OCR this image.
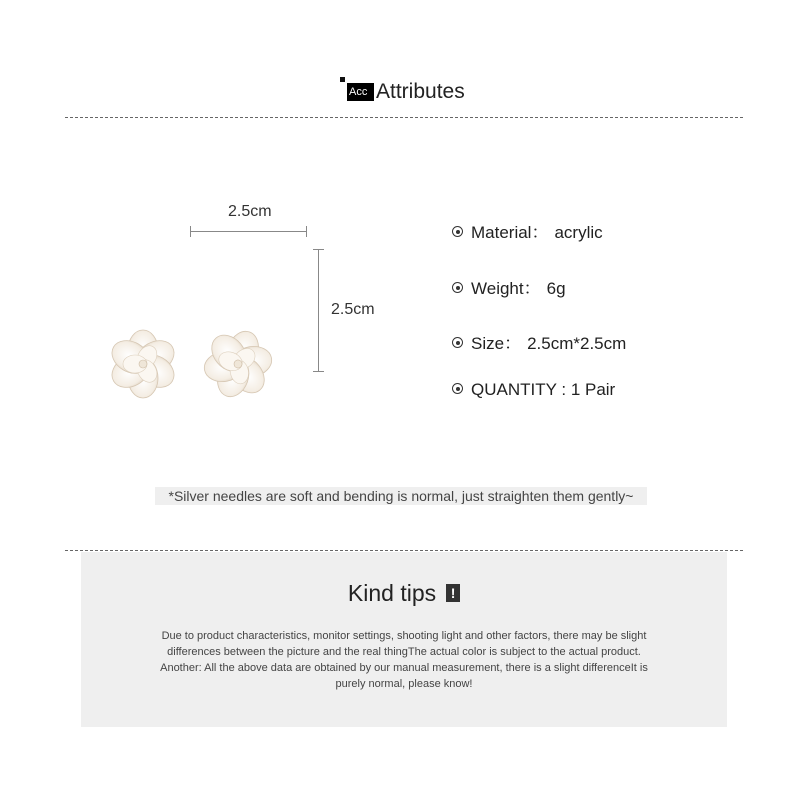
Acc Attributes
2.5cm
2.5cm
Material： acrylic
Weight： 6g
Size： 2.5cm*2.5cm
QUANTITY : 1 Pair
*Silver needles are soft and bending is normal, just straighten them gently~
Kind tips !
Due to product characteristics, monitor settings, shooting light and other factors, there may be slight
differences between the picture and the real thingThe actual color is subject to the actual product.
Another: All the above data are obtained by our manual measurement, there is a slight differenceIt is
purely normal, please know!
